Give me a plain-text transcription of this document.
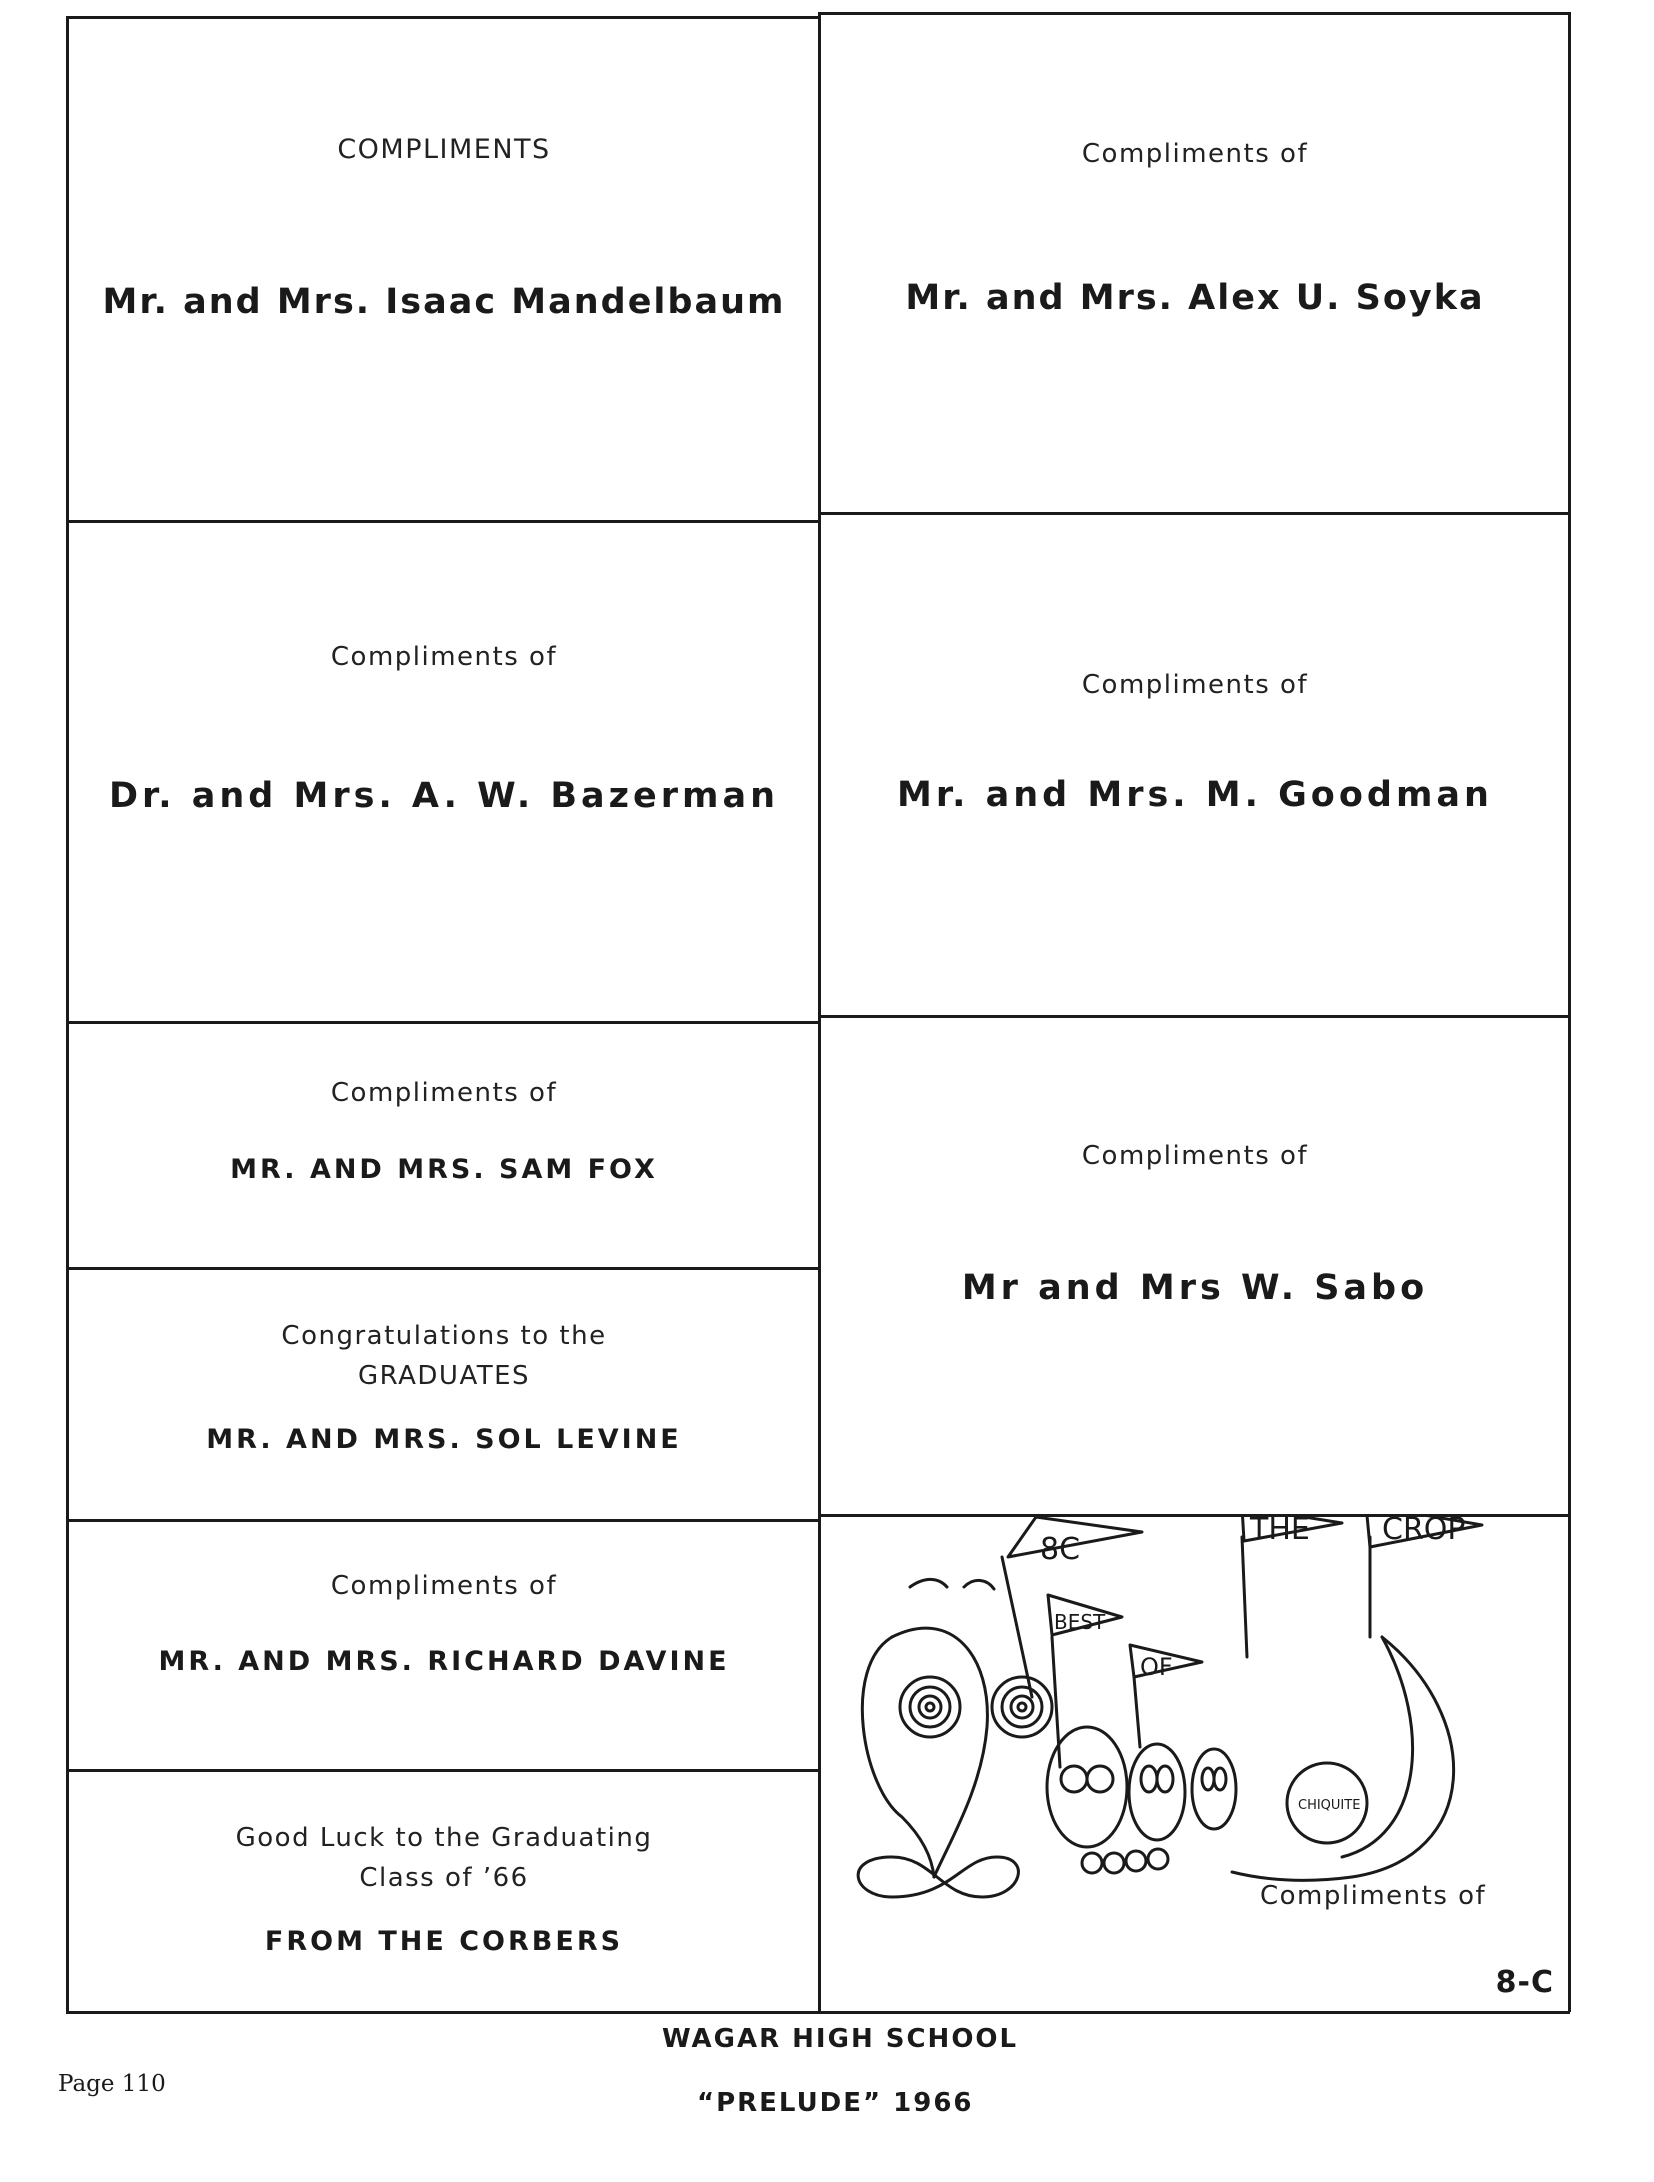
COMPLIMENTS
Mr. and Mrs. Isaac Mandelbaum
Compliments of
Mr. and Mrs. Alex U. Soyka
Compliments of
Dr. and Mrs. A. W. Bazerman
Compliments of
Mr. and Mrs. M. Goodman
Compliments of
MR. AND MRS. SAM FOX	Compliments of
Mr and Mrs W. Sabo
Congratulations to the
GRADUATES
MR. AND MRS. SOL LEVINE
Compliments of
MR. AND MRS. RICHARD DAVINE
Good Luck to the Graduating
Class of ’66
FROM THE CORBERS
8C
BEST
OF
THE CROP
CHIQUITE
Compliments of
8-C
WAGAR HIGH SCHOOL
“PRELUDE” 1966
Page 110
